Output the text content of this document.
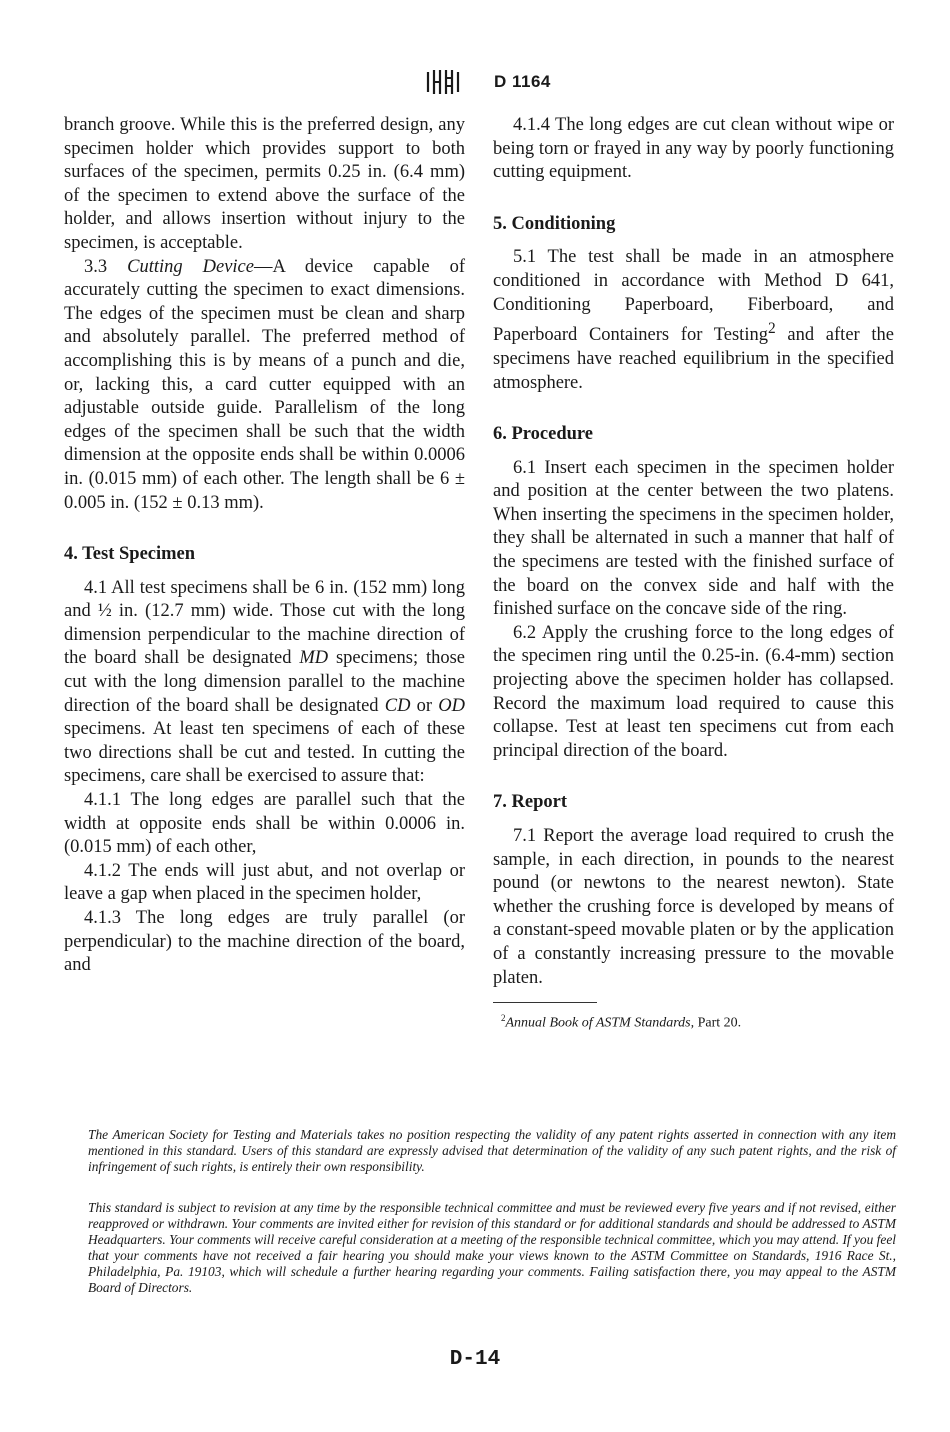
D 1164

branch groove. While this is the preferred design, any specimen holder which provides support to both surfaces of the specimen, permits 0.25 in. (6.4 mm) of the specimen to extend above the surface of the holder, and allows insertion without injury to the specimen, is acceptable.

3.3 Cutting Device—A device capable of accurately cutting the specimen to exact dimensions. The edges of the specimen must be clean and sharp and absolutely parallel. The preferred method of accomplishing this is by means of a punch and die, or, lacking this, a card cutter equipped with an adjustable outside guide. Parallelism of the long edges of the specimen shall be such that the width dimension at the opposite ends shall be within 0.0006 in. (0.015 mm) of each other. The length shall be 6 ± 0.005 in. (152 ± 0.13 mm).

4. Test Specimen

4.1 All test specimens shall be 6 in. (152 mm) long and ½ in. (12.7 mm) wide. Those cut with the long dimension perpendicular to the machine direction of the board shall be designated MD specimens; those cut with the long dimension parallel to the machine direction of the board shall be designated CD or OD specimens. At least ten specimens of each of these two directions shall be cut and tested. In cutting the specimens, care shall be exercised to assure that:

4.1.1 The long edges are parallel such that the width at opposite ends shall be within 0.0006 in. (0.015 mm) of each other,

4.1.2 The ends will just abut, and not overlap or leave a gap when placed in the specimen holder,

4.1.3 The long edges are truly parallel (or perpendicular) to the machine direction of the board, and

4.1.4 The long edges are cut clean without wipe or being torn or frayed in any way by poorly functioning cutting equipment.

5. Conditioning

5.1 The test shall be made in an atmosphere conditioned in accordance with Method D 641, Conditioning Paperboard, Fiberboard, and Paperboard Containers for Testing$^2$ and after the specimens have reached equilibrium in the specified atmosphere.

6. Procedure

6.1 Insert each specimen in the specimen holder and position at the center between the two platens. When inserting the specimens in the specimen holder, they shall be alternated in such a manner that half of the specimens are tested with the finished surface of the board on the convex side and half with the finished surface on the concave side of the ring.

6.2 Apply the crushing force to the long edges of the specimen ring until the 0.25-in. (6.4-mm) section projecting above the specimen holder has collapsed. Record the maximum load required to cause this collapse. Test at least ten specimens cut from each principal direction of the board.

7. Report

7.1 Report the average load required to crush the sample, in each direction, in pounds to the nearest pound (or newtons to the nearest newton). State whether the crushing force is developed by means of a constant-speed movable platen or by the application of a constantly increasing pressure to the movable platen.

$^2$Annual Book of ASTM Standards, Part 20.
The American Society for Testing and Materials takes no position respecting the validity of any patent rights asserted in connection with any item mentioned in this standard. Users of this standard are expressly advised that determination of the validity of any such patent rights, and the risk of infringement of such rights, is entirely their own responsibility.
This standard is subject to revision at any time by the responsible technical committee and must be reviewed every five years and if not revised, either reapproved or withdrawn. Your comments are invited either for revision of this standard or for additional standards and should be addressed to ASTM Headquarters. Your comments will receive careful consideration at a meeting of the responsible technical committee, which you may attend. If you feel that your comments have not received a fair hearing you should make your views known to the ASTM Committee on Standards, 1916 Race St., Philadelphia, Pa. 19103, which will schedule a further hearing regarding your comments. Failing satisfaction there, you may appeal to the ASTM Board of Directors.
D-14
